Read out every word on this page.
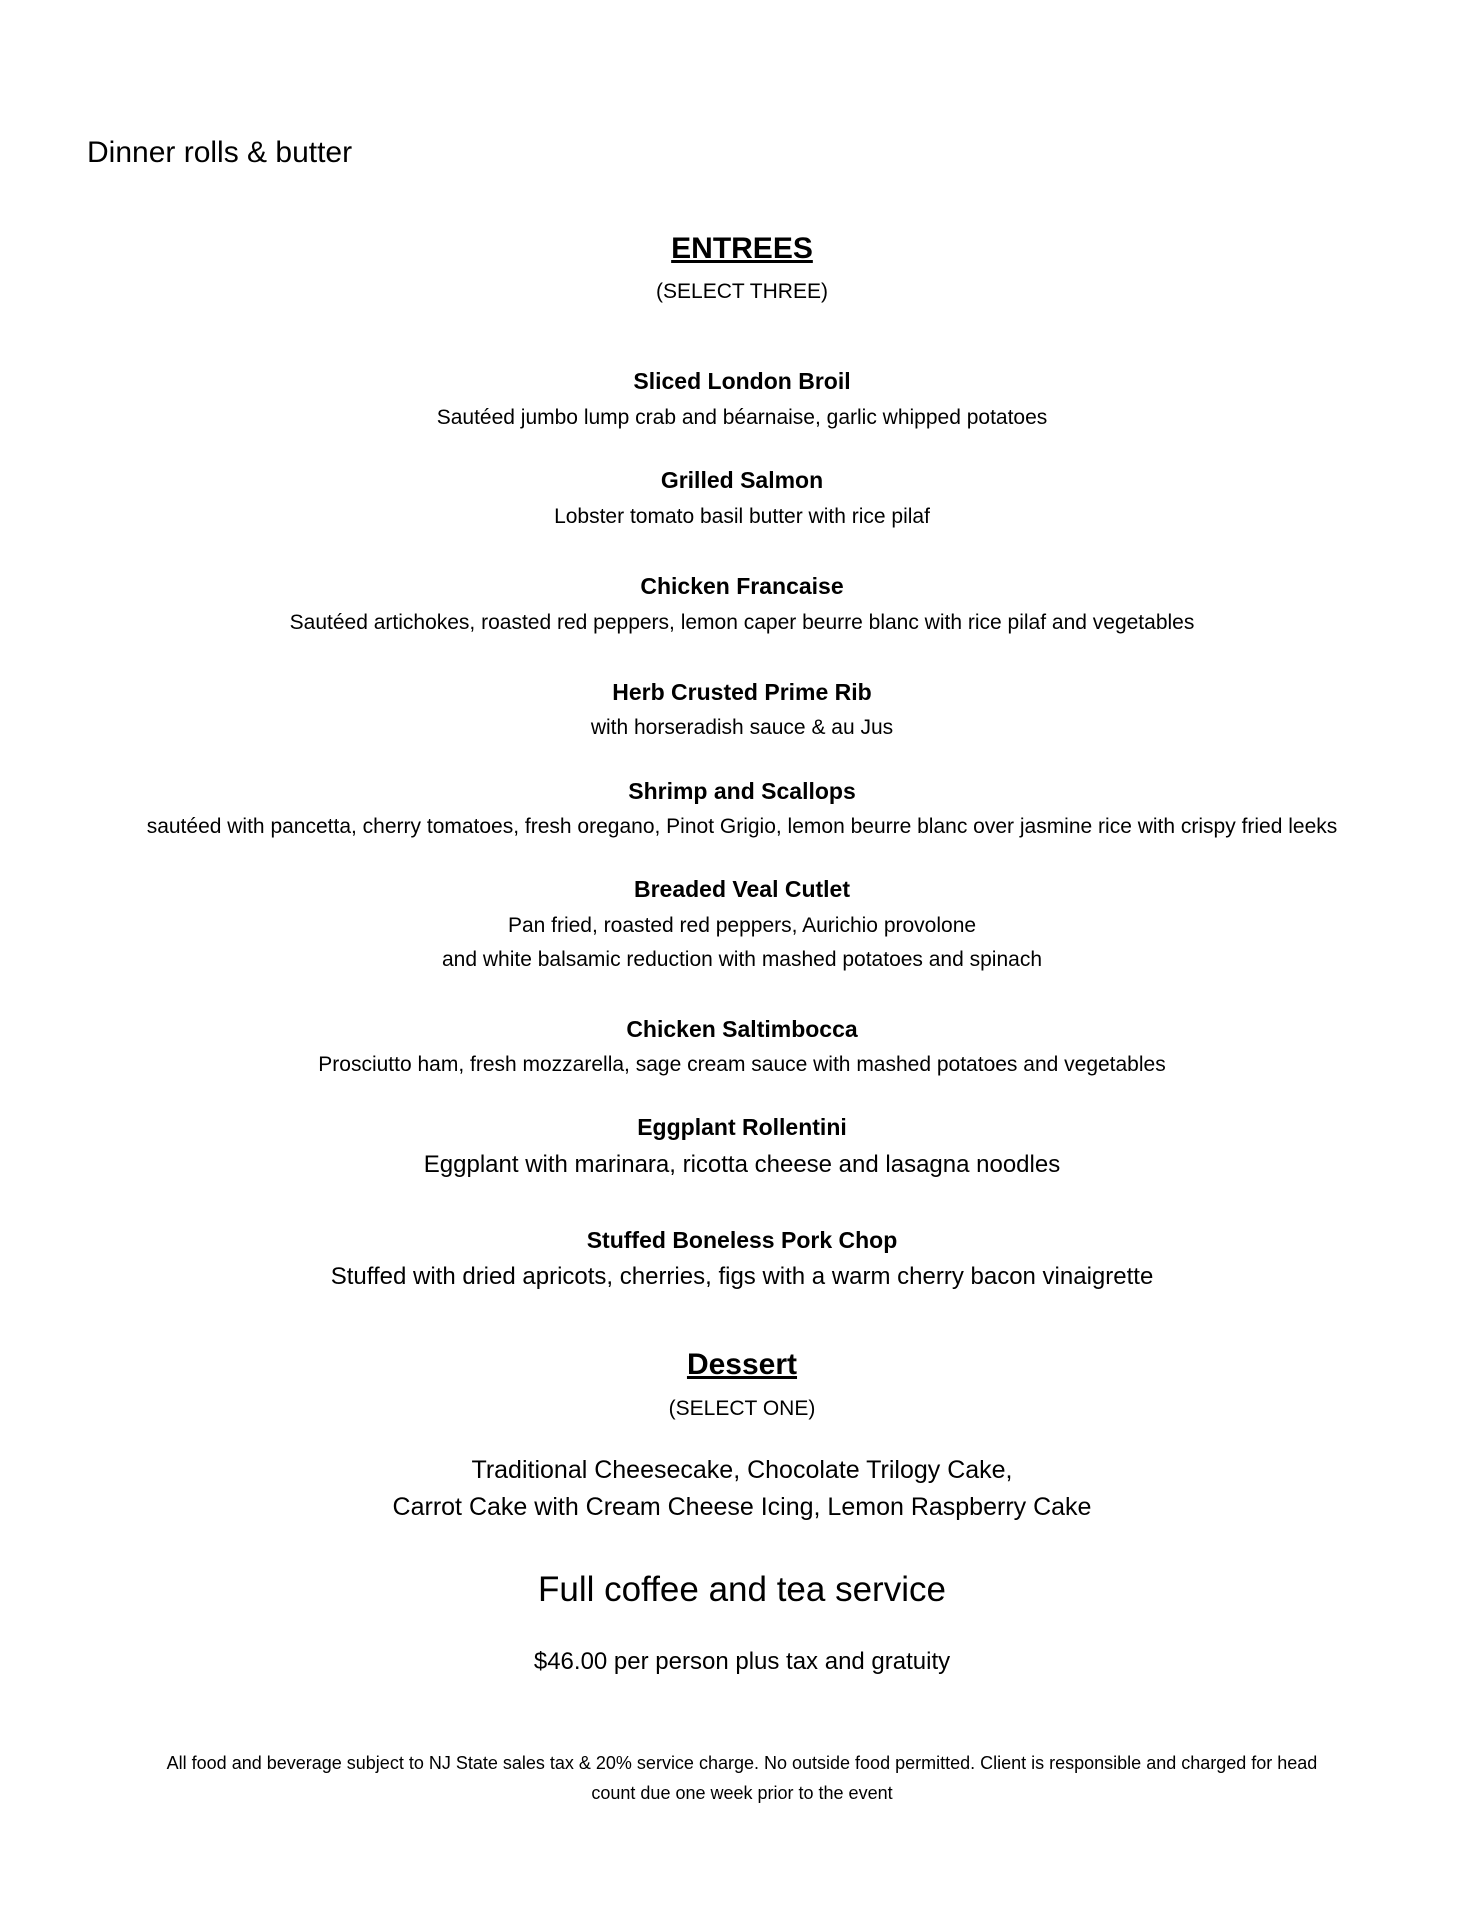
Dinner rolls & butter
ENTREES
(SELECT THREE)
Sliced London Broil
Sautéed jumbo lump crab and béarnaise, garlic whipped potatoes
Grilled Salmon
Lobster tomato basil butter with rice pilaf
Chicken Francaise
Sautéed artichokes, roasted red peppers, lemon caper beurre blanc with rice pilaf and vegetables
Herb Crusted Prime Rib
with horseradish sauce & au Jus
Shrimp and Scallops
sautéed with pancetta, cherry tomatoes, fresh oregano, Pinot Grigio, lemon beurre blanc over jasmine rice with crispy fried leeks
Breaded Veal Cutlet
Pan fried, roasted red peppers, Aurichio provolone
and white balsamic reduction with mashed potatoes and spinach
Chicken Saltimbocca
Prosciutto ham, fresh mozzarella, sage cream sauce with mashed potatoes and vegetables
Eggplant Rollentini
Eggplant with marinara, ricotta cheese and lasagna noodles
Stuffed Boneless Pork Chop
Stuffed with dried apricots, cherries, figs with a warm cherry bacon vinaigrette
Dessert
(SELECT ONE)
Traditional Cheesecake, Chocolate Trilogy Cake,
Carrot Cake with Cream Cheese Icing, Lemon Raspberry Cake
Full coffee and tea service
$46.00 per person plus tax and gratuity
All food and beverage subject to NJ State sales tax & 20% service charge. No outside food permitted. Client is responsible and charged for head
count due one week prior to the event
